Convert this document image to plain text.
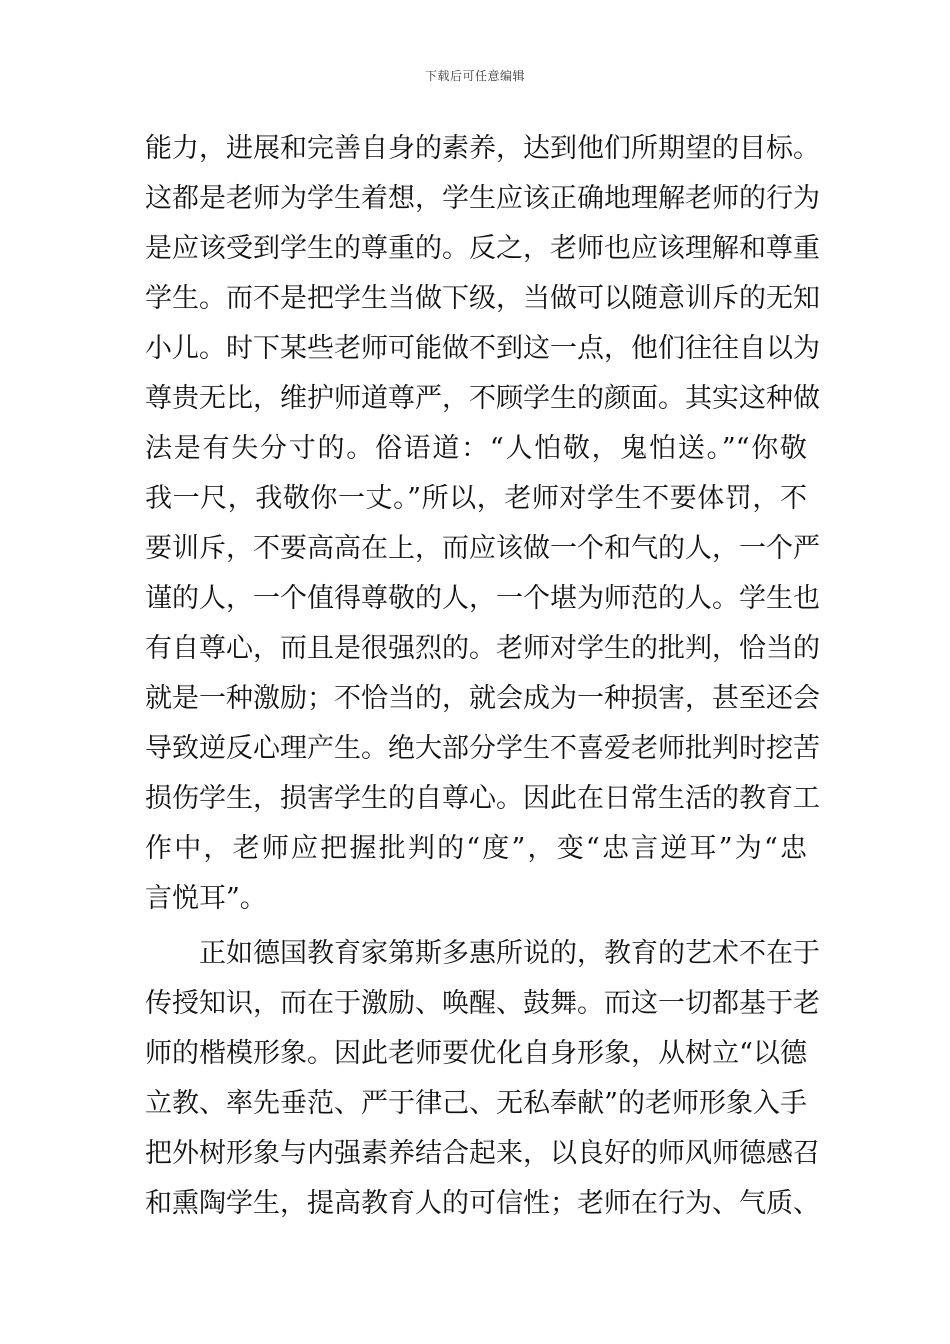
下载后可任意编辑
能力，进展和完善自身的素养，达到他们所期望的目标。
这都是老师为学生着想，学生应该正确地理解老师的行为
是应该受到学生的尊重的。反之，老师也应该理解和尊重
学生。而不是把学生当做下级，当做可以随意训斥的无知
小儿。时下某些老师可能做不到这一点，他们往往自以为
尊贵无比，维护师道尊严，不顾学生的颜面。其实这种做
法是有失分寸的。俗语道：“人怕敬，鬼怕送。”“你敬
我一尺，我敬你一丈。”所以，老师对学生不要体罚，不
要训斥，不要高高在上，而应该做一个和气的人，一个严
谨的人，一个值得尊敬的人，一个堪为师范的人。学生也
有自尊心，而且是很强烈的。老师对学生的批判，恰当的
就是一种激励；不恰当的，就会成为一种损害，甚至还会
导致逆反心理产生。绝大部分学生不喜爱老师批判时挖苦
损伤学生，损害学生的自尊心。因此在日常生活的教育工
作中，老师应把握批判的“度”，变“忠言逆耳”为“忠
言悦耳”。
正如德国教育家第斯多惠所说的，教育的艺术不在于
传授知识，而在于激励、唤醒、鼓舞。而这一切都基于老
师的楷模形象。因此老师要优化自身形象，从树立“以德
立教、率先垂范、严于律己、无私奉献”的老师形象入手
把外树形象与内强素养结合起来，以良好的师风师德感召
和熏陶学生，提高教育人的可信性；老师在行为、气质、
